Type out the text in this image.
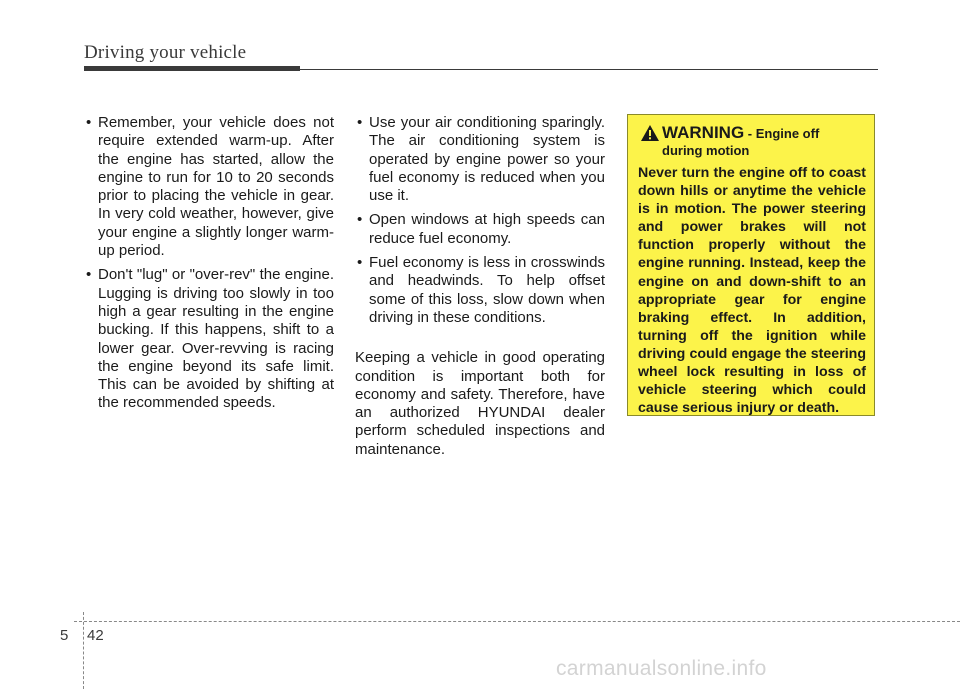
Driving your vehicle
• Remember, your vehicle does not require extended warm-up. After the engine has started, allow the engine to run for 10 to 20 seconds prior to placing the vehicle in gear. In very cold weather, however, give your engine a slightly longer warm-up period.
• Don't "lug" or "over-rev" the engine. Lugging is driving too slowly in too high a gear resulting in the engine bucking. If this happens, shift to a lower gear. Over-revving is racing the engine beyond its safe limit. This can be avoided by shifting at the recommended speeds.
• Use your air conditioning sparingly. The air conditioning system is operated by engine power so your fuel economy is reduced when you use it.
• Open windows at high speeds can reduce fuel economy.
• Fuel economy is less in crosswinds and headwinds. To help offset some of this loss, slow down when driving in these conditions.
Keeping a vehicle in good operating condition is important both for economy and safety. Therefore, have an authorized HYUNDAI dealer perform scheduled inspections and maintenance.
WARNING - Engine off
during motion
Never turn the engine off to coast down hills or anytime the vehicle is in motion. The power steering and power brakes will not function properly without the engine running. Instead, keep the engine on and down-shift to an appropriate gear for engine braking effect. In addition, turning off the ignition while driving could engage the steering wheel lock resulting in loss of vehicle steering which could cause serious injury or death.
5 42
carmanualsonline.info
